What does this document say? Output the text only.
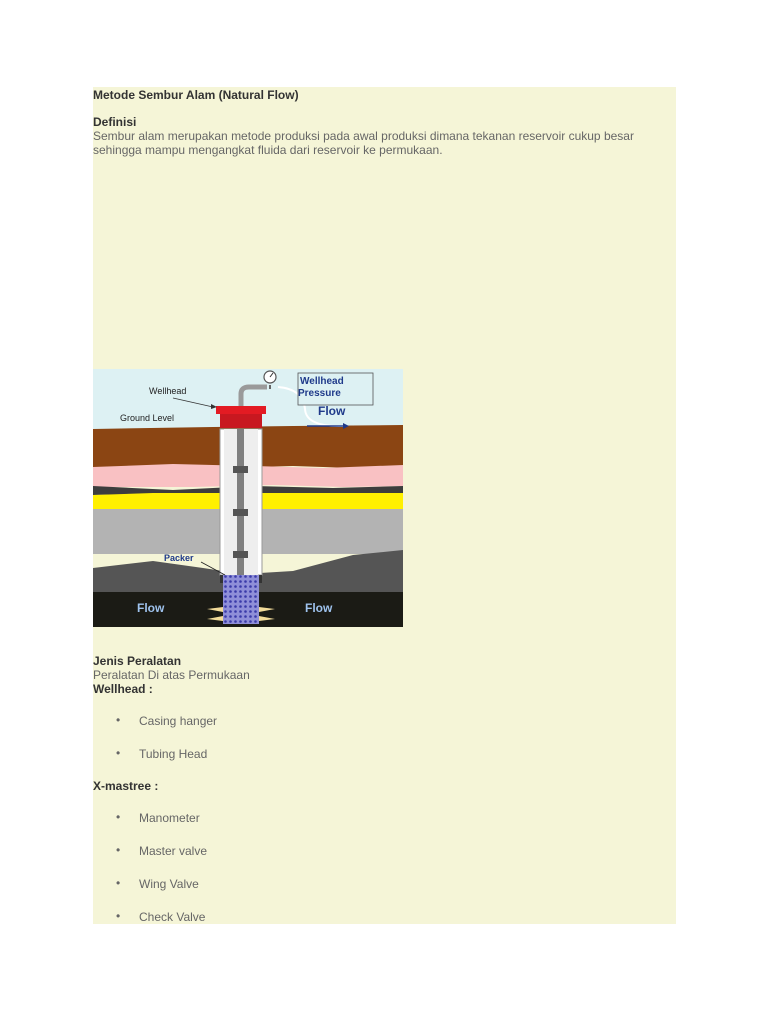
Metode Sembur Alam (Natural Flow)
Definisi
Sembur alam merupakan metode produksi pada awal produksi dimana tekanan reservoir cukup besar
sehingga mampu mengangkat fluida dari reservoir ke permukaan.
Wellhead
Ground Level
Wellhead
Pressure
Flow
Packer
Flow	Flow
Jenis Peralatan
Peralatan Di atas Permukaan
Wellhead :
• Casing hanger
• Tubing Head
X-mastree :
• Manometer
• Master valve
• Wing Valve
• Check Valve
